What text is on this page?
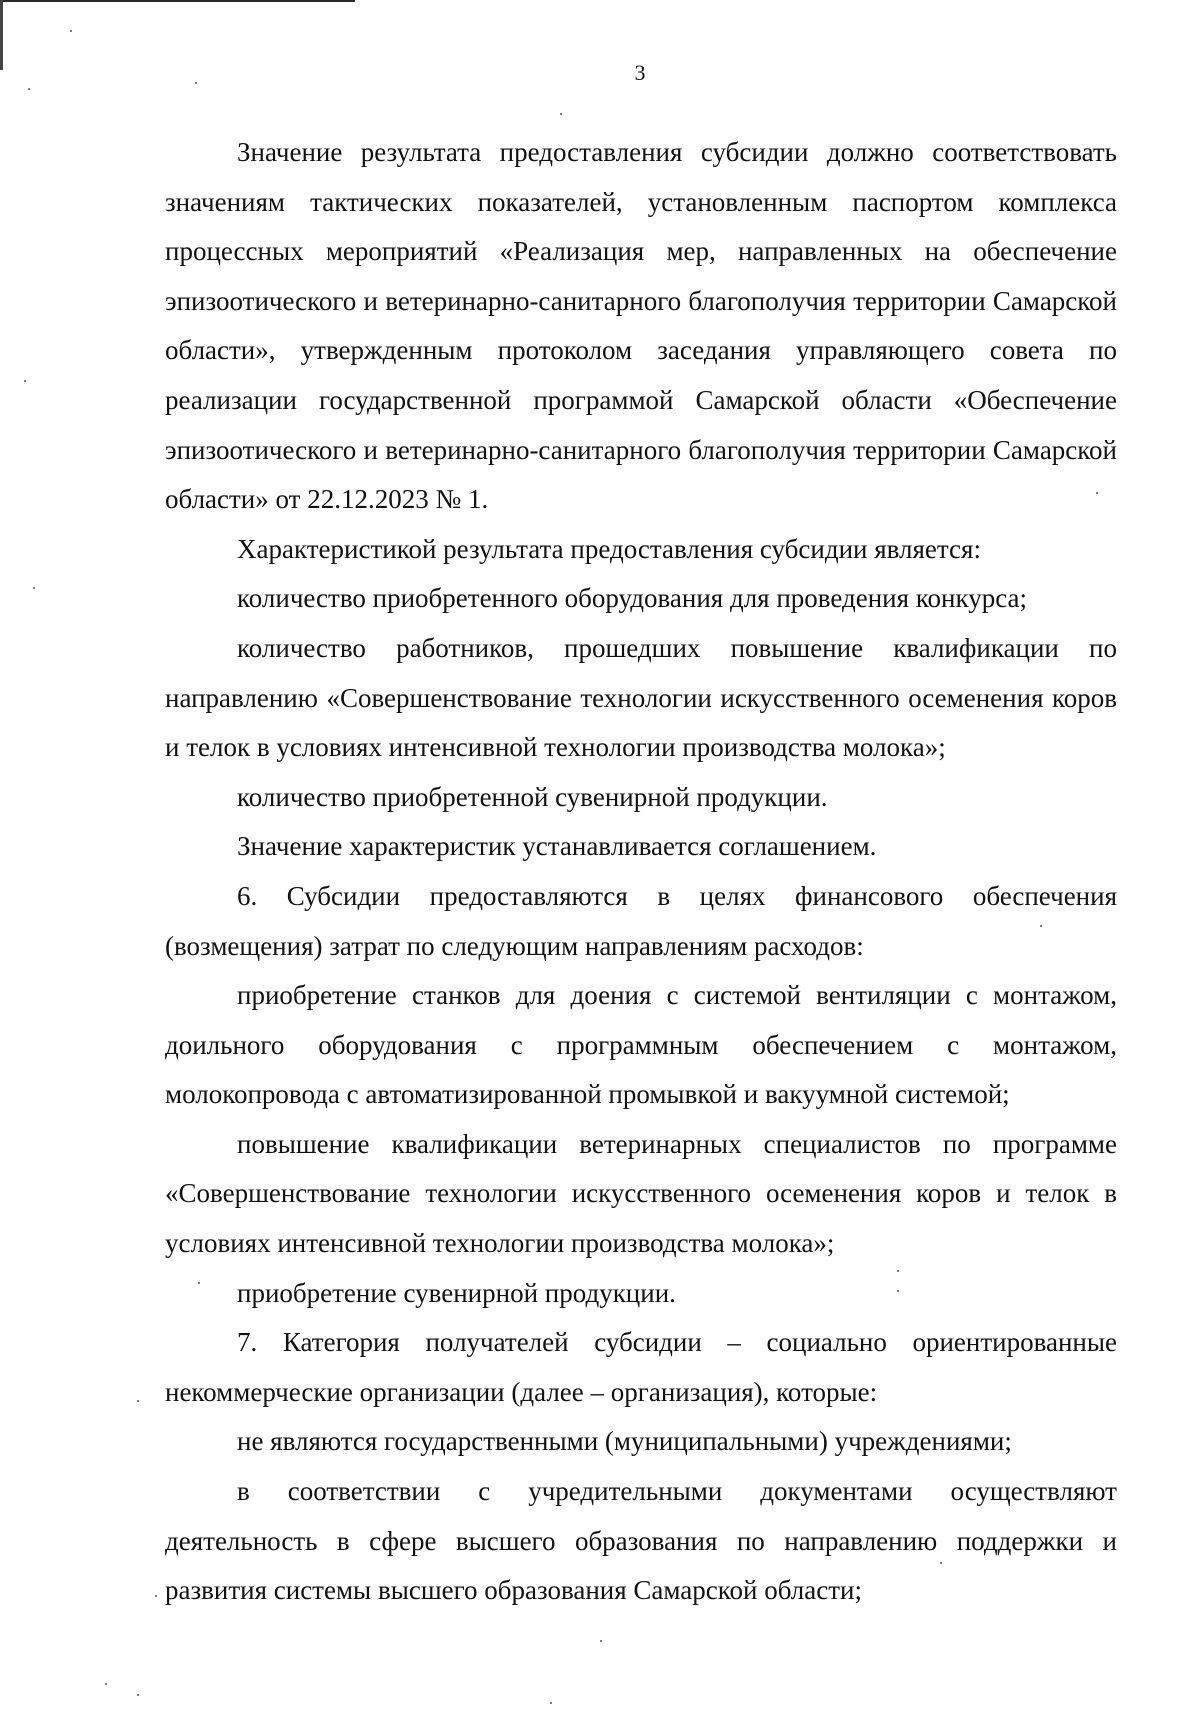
3

Значение результата предоставления субсидии должно соответствовать значениям тактических показателей, установленным паспортом комплекса процессных мероприятий «Реализация мер, направленных на обеспечение эпизоотического и ветеринарно-санитарного благополучия территории Самарской области», утвержденным протоколом заседания управляющего совета по реализации государственной программой Самарской области «Обеспечение эпизоотического и ветеринарно-санитарного благополучия территории Самарской области» от 22.12.2023 № 1.

Характеристикой результата предоставления субсидии является:

количество приобретенного оборудования для проведения конкурса;

количество работников, прошедших повышение квалификации по направлению «Совершенствование технологии искусственного осеменения коров и телок в условиях интенсивной технологии производства молока»;

количество приобретенной сувенирной продукции.

Значение характеристик устанавливается соглашением.

6. Субсидии предоставляются в целях финансового обеспечения (возмещения) затрат по следующим направлениям расходов:

приобретение станков для доения с системой вентиляции с монтажом, доильного оборудования с программным обеспечением с монтажом, молокопровода с автоматизированной промывкой и вакуумной системой;

повышение квалификации ветеринарных специалистов по программе «Совершенствование технологии искусственного осеменения коров и телок в условиях интенсивной технологии производства молока»;

приобретение сувенирной продукции.

7. Категория получателей субсидии – социально ориентированные некоммерческие организации (далее – организация), которые:

не являются государственными (муниципальными) учреждениями;

в соответствии с учредительными документами осуществляют деятельность в сфере высшего образования по направлению поддержки и развития системы высшего образования Самарской области;
